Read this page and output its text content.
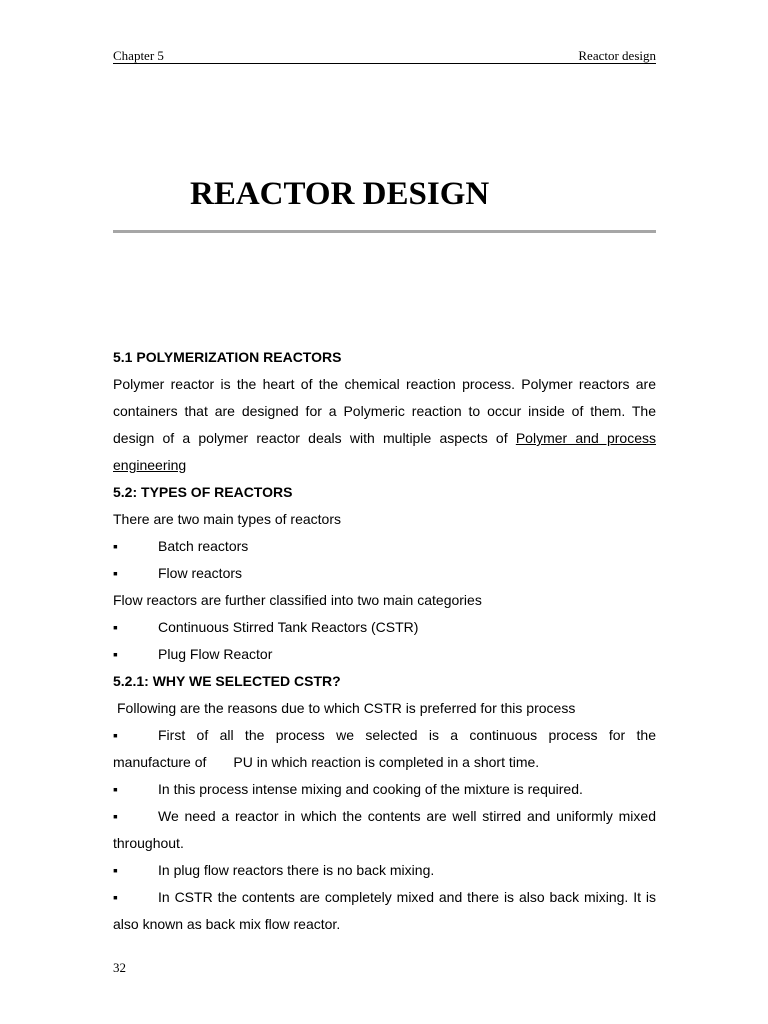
Chapter 5	Reactor design
REACTOR DESIGN
5.1 POLYMERIZATION REACTORS
Polymer reactor is the heart of the chemical reaction process. Polymer reactors are containers that are designed for a Polymeric reaction to occur inside of them. The design of a polymer reactor deals with multiple aspects of Polymer and process engineering
5.2: TYPES OF REACTORS
There are two main types of reactors
▪	Batch reactors
▪	Flow reactors
Flow reactors are further classified into two main categories
▪	Continuous Stirred Tank Reactors (CSTR)
▪	Plug Flow Reactor
5.2.1: WHY WE SELECTED CSTR?
Following are the reasons due to which CSTR is preferred for this process
▪	First of all the process we selected is a continuous process for the
manufacture of PU in which reaction is completed in a short time.
▪	In this process intense mixing and cooking of the mixture is required.
▪	We need a reactor in which the contents are well stirred and uniformly mixed throughout.
▪	In plug flow reactors there is no back mixing.
▪	In CSTR the contents are completely mixed and there is also back mixing. It is also known as back mix flow reactor.
32
